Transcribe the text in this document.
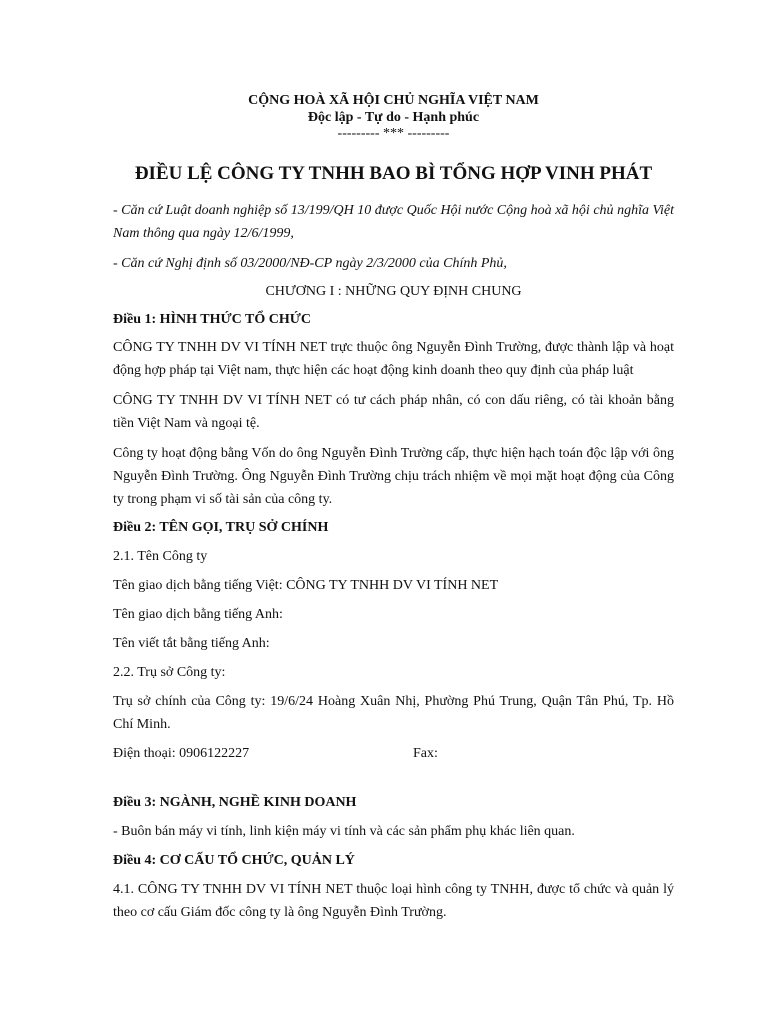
CỘNG HOÀ XÃ HỘI CHỦ NGHĨA VIỆT NAM
Độc lập - Tự do - Hạnh phúc
--------- *** ---------
ĐIỀU LỆ CÔNG TY TNHH BAO BÌ TỔNG HỢP VINH PHÁT

- Căn cứ Luật doanh nghiệp số 13/199/QH 10 được Quốc Hội nước Cộng hoà xã hội chủ nghĩa Việt Nam thông qua ngày 12/6/1999,

- Căn cứ Nghị định số 03/2000/NĐ-CP ngày 2/3/2000 của Chính Phủ,

CHƯƠNG I : NHỮNG QUY ĐỊNH CHUNG

Điều 1: HÌNH THỨC TỔ CHỨC

CÔNG TY TNHH DV VI TÍNH NET trực thuộc ông Nguyễn Đình Trường, được thành lập và hoạt động hợp pháp tại Việt nam, thực hiện các hoạt động kinh doanh theo quy định của pháp luật

CÔNG TY TNHH DV VI TÍNH NET có tư cách pháp nhân, có con dấu riêng, có tài khoản bằng tiền Việt Nam và ngoại tệ.

Công ty hoạt động bằng Vốn do ông Nguyễn Đình Trường cấp, thực hiện hạch toán độc lập với ông Nguyễn Đình Trường. Ông Nguyễn Đình Trường chịu trách nhiệm về mọi mặt hoạt động của Công ty trong phạm vi số tài sản của công ty.

Điều 2: TÊN GỌI, TRỤ SỞ CHÍNH

2.1. Tên Công ty

Tên giao dịch bằng tiếng Việt: CÔNG TY TNHH DV VI TÍNH NET

Tên giao dịch bằng tiếng Anh:

Tên viết tắt bằng tiếng Anh:

2.2. Trụ sở Công ty:

Trụ sở chính của Công ty: 19/6/24 Hoàng Xuân Nhị, Phường Phú Trung, Quận Tân Phú, Tp. Hồ Chí Minh.

Điện thoại: 0906122227	Fax:

Điều 3: NGÀNH, NGHỀ KINH DOANH

- Buôn bán máy vi tính, linh kiện máy vi tính và các sản phẩm phụ khác liên quan.

Điều 4: CƠ CẤU TỔ CHỨC, QUẢN LÝ

4.1. CÔNG TY TNHH DV VI TÍNH NET thuộc loại hình công ty TNHH, được tổ chức và quản lý theo cơ cấu Giám đốc công ty là ông Nguyễn Đình Trường.
